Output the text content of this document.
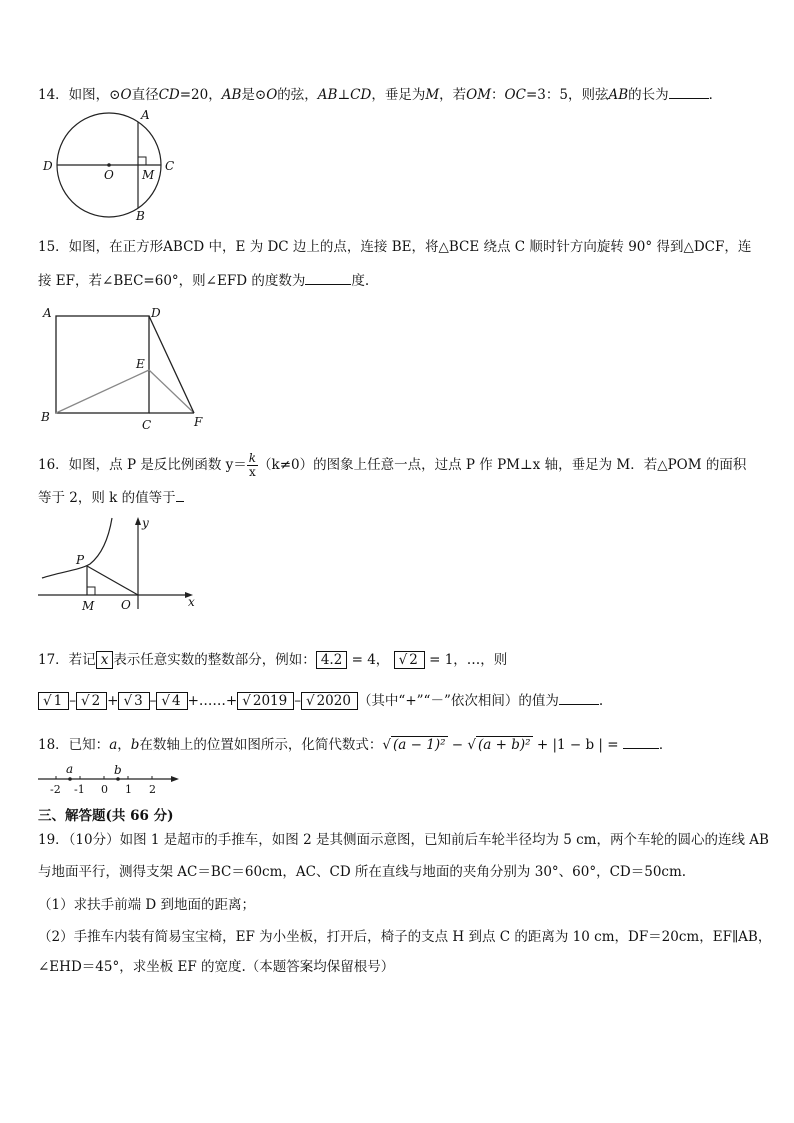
14．如图，⊙O直径CD=20，AB是⊙O的弦，AB⊥CD，垂足为M，若OM：OC=3：5，则弦AB的长为	．
A
B
C
D
O M
15．如图，在正方形ABCD 中，E 为 DC 边上的点，连接 BE，将△BCE 绕点 C 顺时针方向旋转 90° 得到△DCF，连
接 EF，若∠BEC=60°，则∠EFD 的度数为	度.
A	D
E
B
C	F
16．如图，点 P 是反比例函数 $y= \frac{k}{x} (k\ne 0)$的图象上任意一点，过点 P 作 PM⊥x 轴，垂足为 M．若△POM 的面积
等于 2，则 k 的值等于
P
M O	x
y
17．若记 x 表示任意实数的整数部分，例如： 4.2 = 4， √ 2 = 1，…，则
√ 1 – √ 2 + √ 3 – √ 4 +……+ √ 2019 – √ 2020 （其中“+”“－”依次相间）的值为	.
18．已知：a，b在数轴上的位置如图所示，化简代数式：√ (a − 1)² − √ (a + b)² + |1 − b | =	．
a	b
-2 -1 0 1 2
三、解答题(共 66 分)
19．（10分）如图 1 是超市的手推车，如图 2 是其侧面示意图，已知前后车轮半径均为 5 cm，两个车轮的圆心的连线 AB
与地面平行，测得支架 AC＝BC＝60cm，AC、CD 所在直线与地面的夹角分别为 30°、60°，CD＝50cm.
（1）求扶手前端 D 到地面的距离；
（2）手推车内装有简易宝宝椅，EF 为小坐板，打开后，椅子的支点 H 到点 C 的距离为 10 cm，DF＝20cm，EF∥AB，
∠EHD＝45°，求坐板 EF 的宽度.（本题答案均保留根号）
